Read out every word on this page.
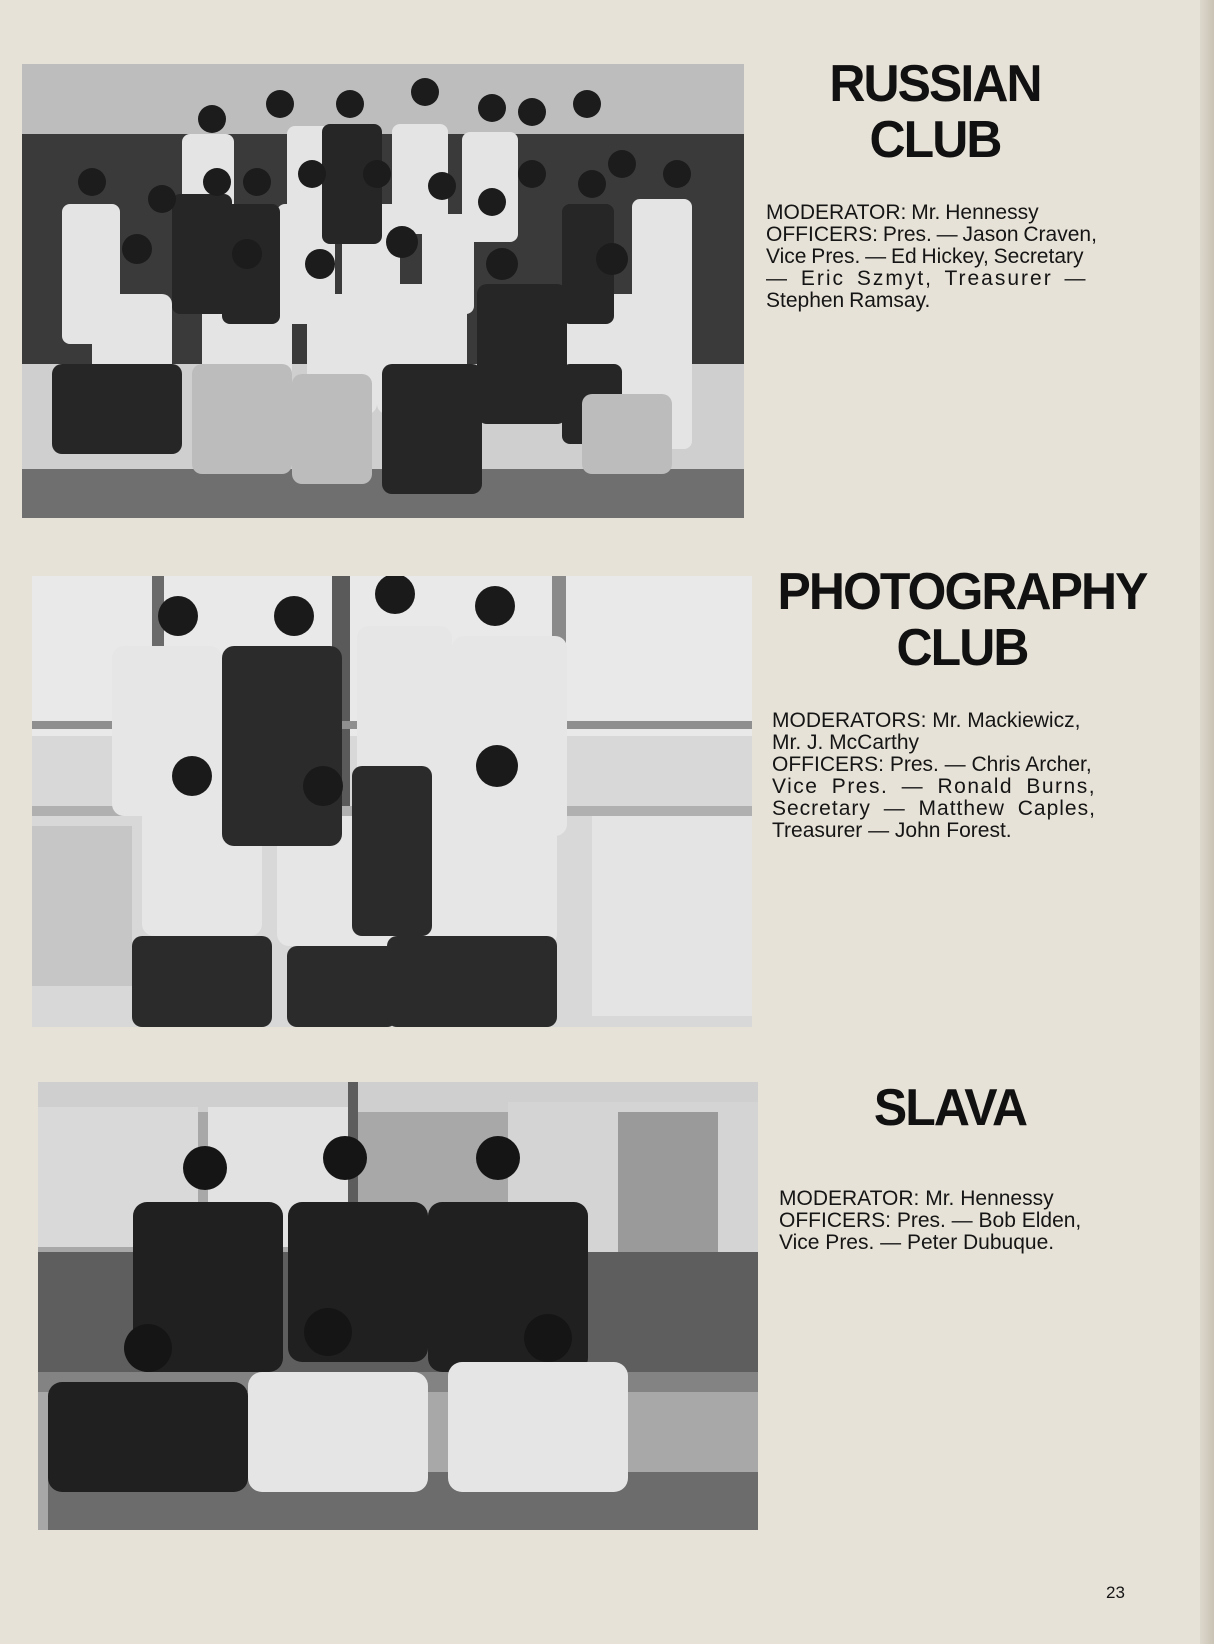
RUSSIAN
CLUB
MODERATOR: Mr. Hennessy
OFFICERS: Pres. — Jason Craven,
Vice Pres. — Ed Hickey, Secretary
— Eric Szmyt, Treasurer —
Stephen Ramsay.
PHOTOGRAPHY
CLUB
MODERATORS: Mr. Mackiewicz,
Mr. J. McCarthy
OFFICERS: Pres. — Chris Archer,
Vice Pres. — Ronald Burns,
Secretary — Matthew Caples,
Treasurer — John Forest.
SLAVA
MODERATOR: Mr. Hennessy
OFFICERS: Pres. — Bob Elden,
Vice Pres. — Peter Dubuque.
23
